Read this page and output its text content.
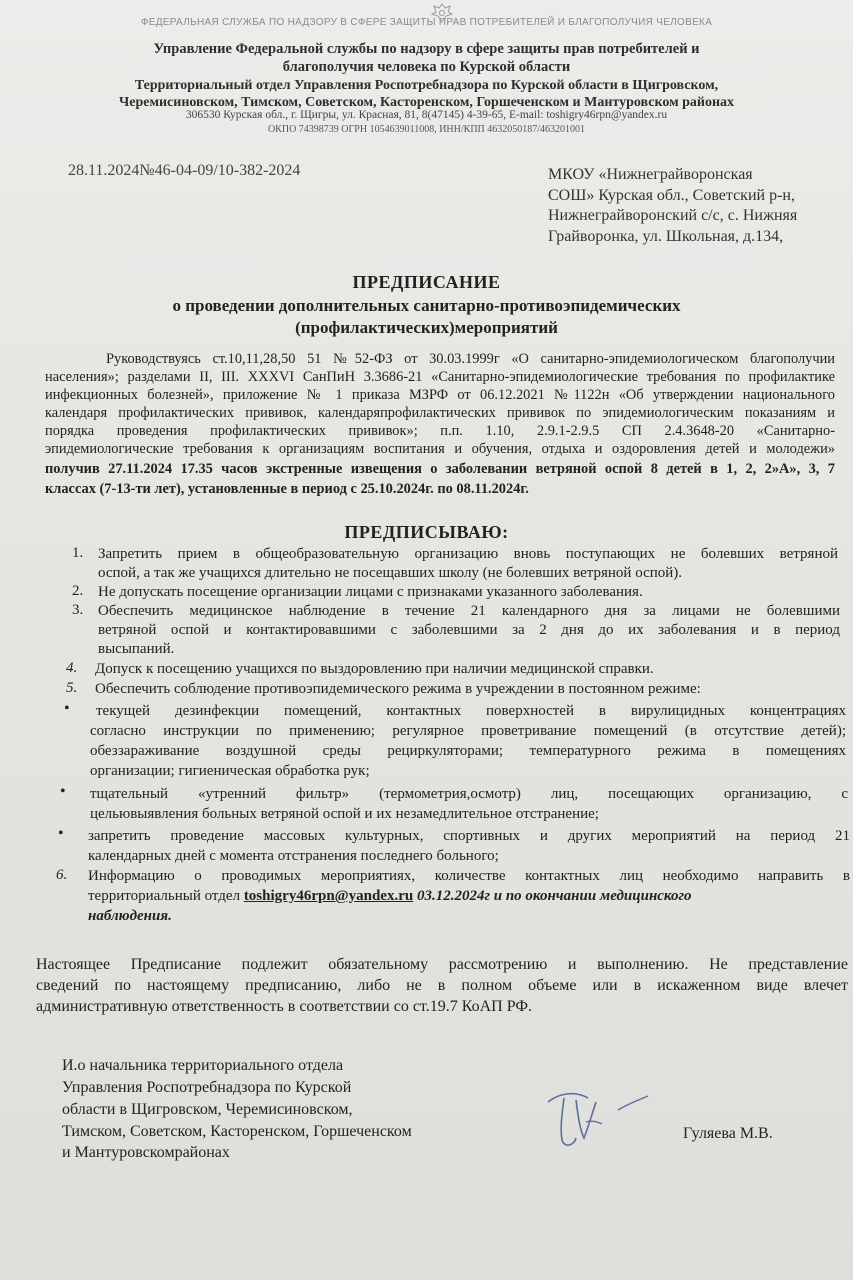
ФЕДЕРАЛЬНАЯ СЛУЖБА ПО НАДЗОРУ В СФЕРЕ ЗАЩИТЫ ПРАВ ПОТРЕБИТЕЛЕЙ И БЛАГОПОЛУЧИЯ ЧЕЛОВЕКА
Управление Федеральной службы по надзору в сфере защиты прав потребителей и
благополучия человека по Курской области
Территориальный отдел Управления Роспотребнадзора по Курской области в Щигровском,
Черемисиновском, Тимском, Советском, Касторенском, Горшеченском и Мантуровском районах
306530 Курская обл., г. Щигры, ул. Красная, 81, 8(47145) 4-39-65, E-mail: toshigry46rpn@yandex.ru
ОКПО 74398739 ОГРН 1054639011008, ИНН/КПП 4632050187/463201001
28.11.2024№46-04-09/10-382-2024	МКОУ «Нижнеграйворонская
СОШ» Курская обл., Советский р-н,
Нижнеграйворонский с/с, с. Нижняя
Грайворонка, ул. Школьная, д.134,
ПРЕДПИСАНИЕ
о проведении дополнительных санитарно-противоэпидемических
(профилактических)мероприятий
Руководствуясь ст.10,11,28,50 51 №52-ФЗ от 30.03.1999г «О санитарно-эпидемиологическом благополучии
населения»; разделами II, III. XXXVI СанПиН 3.3686-21 «Санитарно-эпидемиологические требования по профилактике
инфекционных болезней», приложение № 1 приказа МЗРФ от 06.12.2021 №1122н «Об утверждении национального
календаря профилактических прививок, календаряпрофилактических прививок по эпидемиологическим показаниям и
порядка проведения профилактических прививок»; п.п. 1.10, 2.9.1-2.9.5 СП 2.4.3648-20 «Санитарно-
эпидемиологические требования к организациям воспитания и обучения, отдыха и оздоровления детей и молодежи»
получив 27.11.2024 17.35 часов экстренные извещения о заболевании ветряной оспой 8 детей в 1, 2, 2»А», 3, 7
классах (7-13-ти лет), установленные в период с 25.10.2024г. по 08.11.2024г.
ПРЕДПИСЫВАЮ:
1. Запретить прием в общеобразовательную организацию вновь поступающих не болевших ветряной
оспой, а так же учащихся длительно не посещавших школу (не болевших ветряной оспой).
2. Не допускать посещение организации лицами с признаками указанного заболевания.
3. Обеспечить медицинское наблюдение в течение 21 календарного дня за лицами не болевшими
ветряной оспой и контактировавшими с заболевшими за 2 дня до их заболевания и в период
высыпаний.
4. Допуск к посещению учащихся по выздоровлению при наличии медицинской справки.
5. Обеспечить соблюдение противоэпидемического режима в учреждении в постоянном режиме:
• текущей дезинфекции помещений, контактных поверхностей в вирулицидных концентрациях
согласно инструкции по применению; регулярное проветривание помещений (в отсутствие детей);
обеззараживание воздушной среды рециркуляторами; температурного режима в помещениях
организации; гигиеническая обработка рук;
• тщательный «утренний фильтр» (термометрия,осмотр) лиц, посещающих организацию, с
цельювыявления больных ветряной оспой и их незамедлительное отстранение;
• запретить проведение массовых культурных, спортивных и других мероприятий на период 21
календарных дней с момента отстранения последнего больного;
6. Информацию о проводимых мероприятиях, количестве контактных лиц необходимо направить в
территориальный отдел toshigry46rpn@yandex.ru 03.12.2024г и по окончании медицинского
наблюдения.
Настоящее Предписание подлежит обязательному рассмотрению и выполнению. Не представление
сведений по настоящему предписанию, либо не в полном объеме или в искаженном виде влечет
административную ответственность в соответствии со ст.19.7 КоАП РФ.
И.о начальника территориального отдела
Управления Роспотребнадзора по Курской
области в Щигровском, Черемисиновском,
Тимском, Советском, Касторенском, Горшеченском
и Мантуровскомрайонах
Гуляева М.В.
